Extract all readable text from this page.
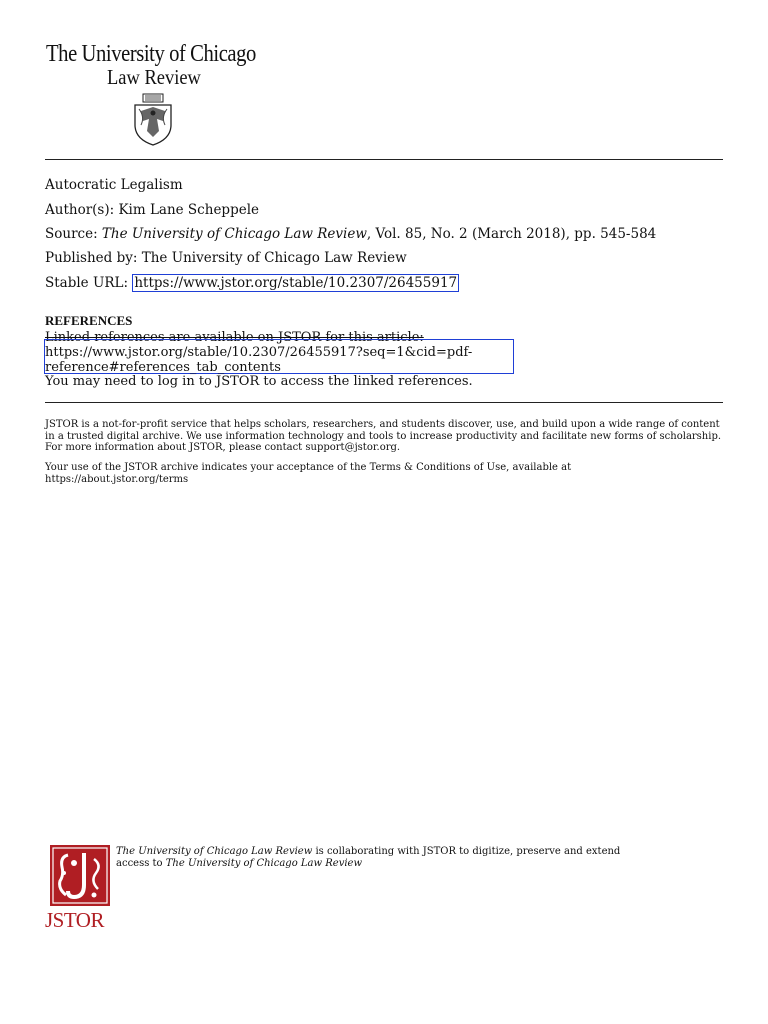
The University of Chicago
Law Review
Autocratic Legalism
Author(s): Kim Lane Scheppele
Source: The University of Chicago Law Review, Vol. 85, No. 2 (March 2018), pp. 545-584
Published by: The University of Chicago Law Review
Stable URL: https://www.jstor.org/stable/10.2307/26455917
REFERENCES
Linked references are available on JSTOR for this article:
https://www.jstor.org/stable/10.2307/26455917?seq=1&cid=pdf-
reference#references_tab_contents
You may need to log in to JSTOR to access the linked references.
JSTOR is a not-for-profit service that helps scholars, researchers, and students discover, use, and build upon a wide range of content in a trusted digital archive. We use information technology and tools to increase productivity and facilitate new forms of scholarship. For more information about JSTOR, please contact support@jstor.org.
Your use of the JSTOR archive indicates your acceptance of the Terms & Conditions of Use, available at
https://about.jstor.org/terms
JSTOR
The University of Chicago Law Review is collaborating with JSTOR to digitize, preserve and extend
access to The University of Chicago Law Review
